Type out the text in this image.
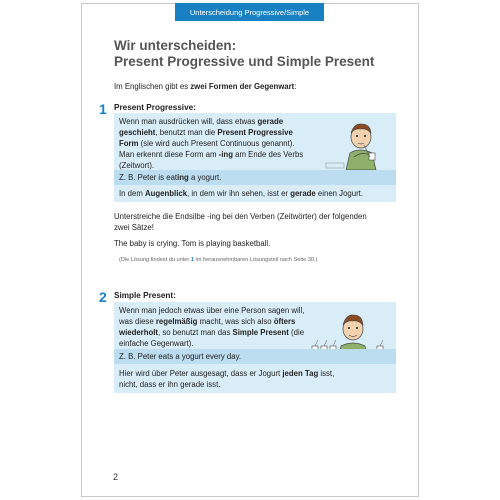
Unterscheidung Progressive/Simple
Wir unterscheiden:
Present Progressive und Simple Present
Im Englischen gibt es zwei Formen der Gegenwart:
1 Present Progressive:
Wenn man ausdrücken will, dass etwas gerade
geschieht, benutzt man die Present Progressive
Form (sie wird auch Present Continuous genannt).
Man erkennt diese Form am -ing am Ende des Verbs
(Zeitwort).
Z. B. Peter is eating a yogurt.
In dem Augenblick, in dem wir ihn sehen, isst er gerade einen Jogurt.
Unterstreiche die Endsilbe -ing bei den Verben (Zeitwörter) der folgenden
zwei Sätze!
The baby is crying. Tom is playing basketball.
(Die Lösung findest du unter 1 im herausnehmbaren Lösungsteil nach Seite 30.)
2 Simple Present:
Wenn man jedoch etwas über eine Person sagen will,
was diese regelmäßig macht, was sich also öfters
wiederholt, so benutzt man das Simple Present (die
einfache Gegenwart).
Z. B. Peter eats a yogurt every day.
Hier wird über Peter ausgesagt, dass er Jogurt jeden Tag isst,
nicht, dass er ihn gerade isst.
2
